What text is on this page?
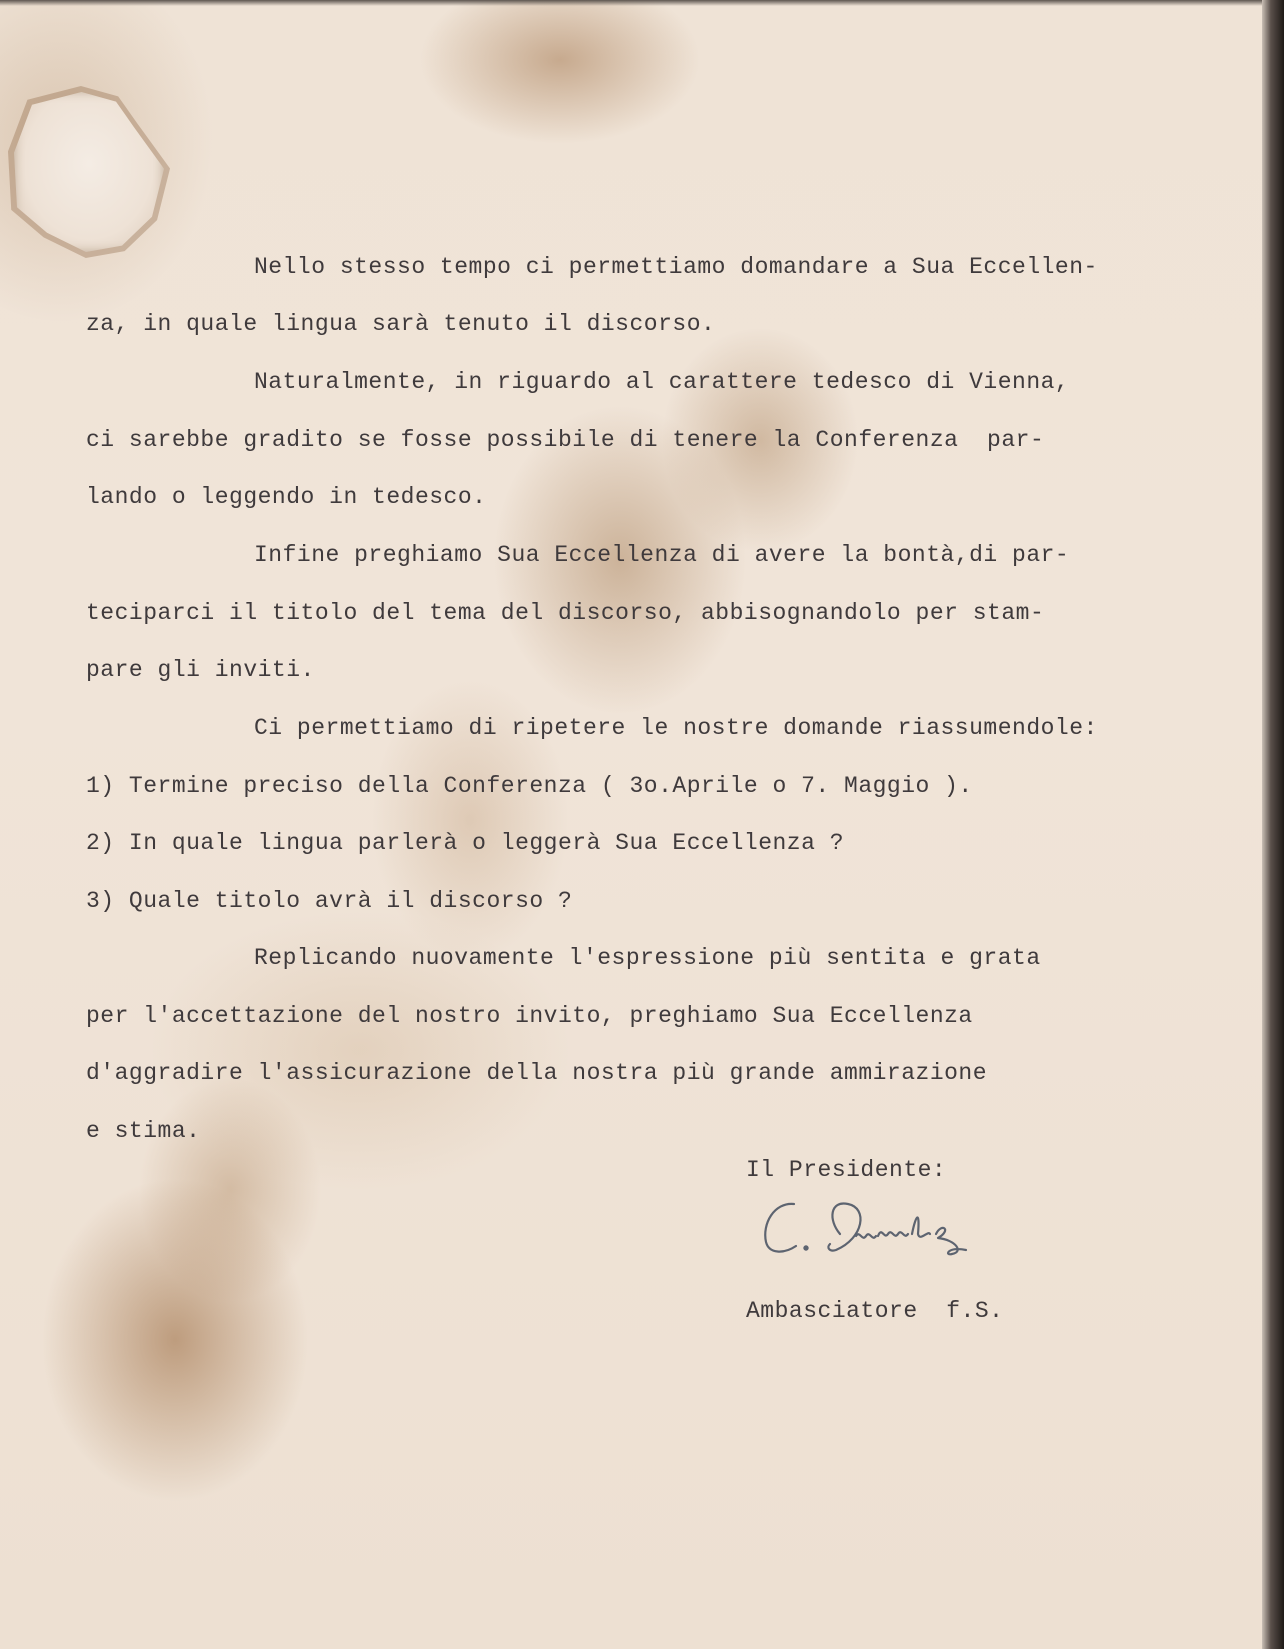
Nello stesso tempo ci permettiamo domandare a Sua Eccellen-
za, in quale lingua sarà tenuto il discorso.
Naturalmente, in riguardo al carattere tedesco di Vienna,
ci sarebbe gradito se fosse possibile di tenere la Conferenza  par-
lando o leggendo in tedesco.
Infine preghiamo Sua Eccellenza di avere la bontà,di par-
teciparci il titolo del tema del discorso, abbisognandolo per stam-
pare gli inviti.
Ci permettiamo di ripetere le nostre domande riassumendole:
1) Termine preciso della Conferenza ( 3o.Aprile o 7. Maggio ).
2) In quale lingua parlerà o leggerà Sua Eccellenza ?
3) Quale titolo avrà il discorso ?
Replicando nuovamente l'espressione più sentita e grata
per l'accettazione del nostro invito, preghiamo Sua Eccellenza
d'aggradire l'assicurazione della nostra più grande ammirazione
e stima.
Il Presidente:
Ambasciatore  f.S.
